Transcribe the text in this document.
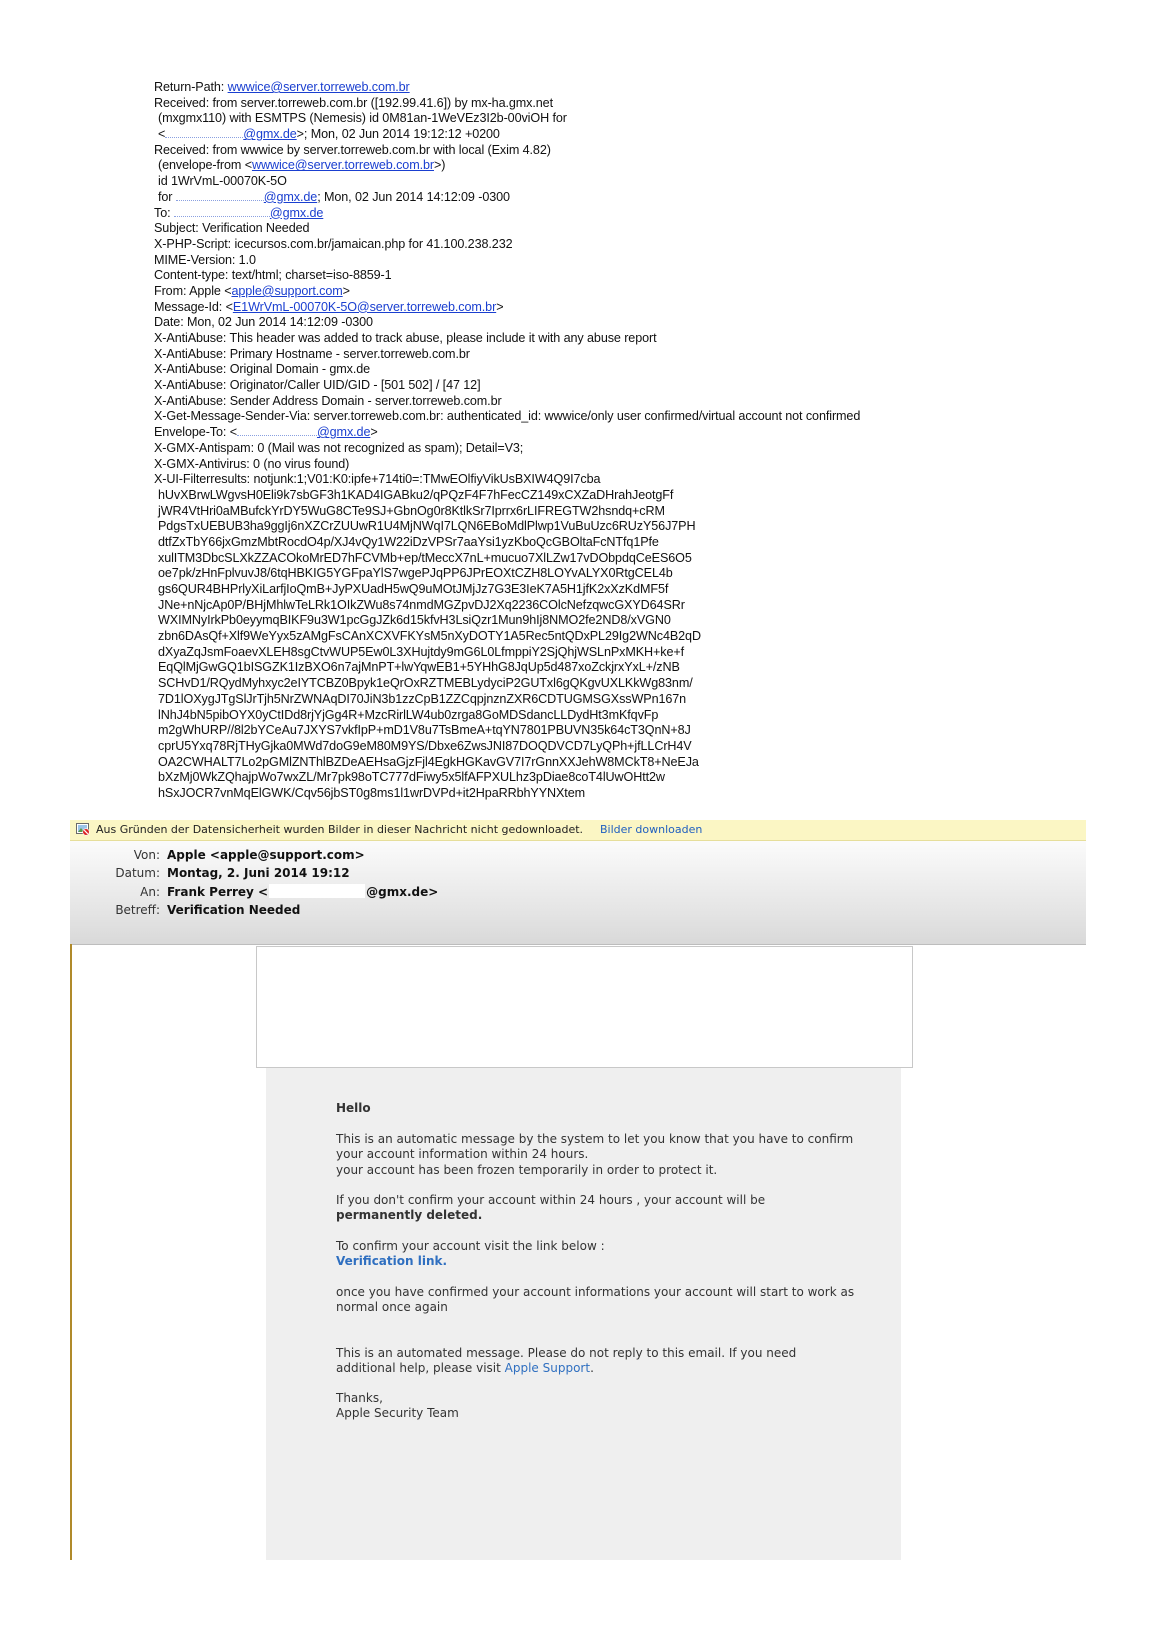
Return-Path: wwwice@server.torreweb.com.br
Received: from server.torreweb.com.br ([192.99.41.6]) by mx-ha.gmx.net
(mxgmx110) with ESMTPS (Nemesis) id 0M81an-1WeVEz3I2b-00viOH for
<	@gmx.de>; Mon, 02 Jun 2014 19:12:12 +0200
Received: from wwwice by server.torreweb.com.br with local (Exim 4.82)
(envelope-from <wwwice@server.torreweb.com.br>)
id 1WrVmL-00070K-5O
for	@gmx.de; Mon, 02 Jun 2014 14:12:09 -0300
To:	@gmx.de
Subject: Verification Needed
X-PHP-Script: icecursos.com.br/jamaican.php for 41.100.238.232
MIME-Version: 1.0
Content-type: text/html; charset=iso-8859-1
From: Apple <apple@support.com>
Message-Id: <E1WrVmL-00070K-5O@server.torreweb.com.br>
Date: Mon, 02 Jun 2014 14:12:09 -0300
X-AntiAbuse: This header was added to track abuse, please include it with any abuse report
X-AntiAbuse: Primary Hostname - server.torreweb.com.br
X-AntiAbuse: Original Domain - gmx.de
X-AntiAbuse: Originator/Caller UID/GID - [501 502] / [47 12]
X-AntiAbuse: Sender Address Domain - server.torreweb.com.br
X-Get-Message-Sender-Via: server.torreweb.com.br: authenticated_id: wwwice/only user confirmed/virtual account not confirmed
Envelope-To: <	@gmx.de>
X-GMX-Antispam: 0 (Mail was not recognized as spam); Detail=V3;
X-GMX-Antivirus: 0 (no virus found)
X-UI-Filterresults: notjunk:1;V01:K0:ipfe+714ti0=:TMwEOlfiyVikUsBXIW4Q9I7cba
hUvXBrwLWgvsH0Eli9k7sbGF3h1KAD4IGABku2/qPQzF4F7hFecCZ149xCXZaDHrahJeotgFf
jWR4VtHri0aMBufckYrDY5WuG8CTe9SJ+GbnOg0r8KtlkSr7Iprrx6rLIFREGTW2hsndq+cRM
PdgsTxUEBUB3ha9ggIj6nXZCrZUUwR1U4MjNWqI7LQN6EBoMdlPlwp1VuBuUzc6RUzY56J7PH
dtfZxTbY66jxGmzMbtRocdO4p/XJ4vQy1W22iDzVPSr7aaYsi1yzKboQcGBOltaFcNTfq1Pfe
xulITM3DbcSLXkZZACOkoMrED7hFCVMb+ep/tMeccX7nL+mucuo7XlLZw17vDObpdqCeES6O5
oe7pk/zHnFplvuvJ8/6tqHBKIG5YGFpaYlS7wgePJqPP6JPrEOXtCZH8LOYvALYX0RtgCEL4b
gs6QUR4BHPrlyXiLarfjIoQmB+JyPXUadH5wQ9uMOtJMjJz7G3E3IeK7A5H1jfK2xXzKdMF5f
JNe+nNjcAp0P/BHjMhlwTeLRk1OIkZWu8s74nmdMGZpvDJ2Xq2236COlcNefzqwcGXYD64SRr
WXIMNyIrkPb0eyymqBIKF9u3W1pcGgJZk6d15kfvH3LsiQzr1Mun9hIj8NMO2fe2ND8/xVGN0
zbn6DAsQf+Xlf9WeYyx5zAMgFsCAnXCXVFKYsM5nXyDOTY1A5Rec5ntQDxPL29Ig2WNc4B2qD
dXyaZqJsmFoaevXLEH8sgCtvWUP5Ew0L3XHujtdy9mG6L0LfmppiY2SjQhjWSLnPxMKH+ke+f
EqQlMjGwGQ1bISGZK1IzBXO6n7ajMnPT+lwYqwEB1+5YHhG8JqUp5d487xoZckjrxYxL+/zNB
SCHvD1/RQydMyhxyc2eIYTCBZ0Bpyk1eQrOxRZTMEBLydyciP2GUTxl6gQKgvUXLKkWg83nm/
7D1lOXygJTgSlJrTjh5NrZWNAqDI70JiN3b1zzCpB1ZZCqpjnznZXR6CDTUGMSGXssWPn167n
lNhJ4bN5pibOYX0yCtIDd8rjYjGg4R+MzcRirlLW4ub0zrga8GoMDSdancLLDydHt3mKfqvFp
m2gWhURP//8l2bYCeAu7JXYS7vkfIpP+mD1V8u7TsBmeA+tqYN7801PBUVN35k64cT3QnN+8J
cprU5Yxq78RjTHyGjka0MWd7doG9eM80M9YS/Dbxe6ZwsJNI87DOQDVCD7LyQPh+jfLLCrH4V
OA2CWHALT7Lo2pGMlZNThlBZDeAEHsaGjzFjl4EgkHGKavGV7I7rGnnXXJehW8MCkT8+NeEJa
bXzMj0WkZQhajpWo7wxZL/Mr7pk98oTC777dFiwy5x5lfAFPXULhz3pDiae8coT4lUwOHtt2w
hSxJOCR7vnMqElGWK/Cqv56jbST0g8ms1l1wrDVPd+it2HpaRRbhYYNXtem
Aus Gründen der Datensicherheit wurden Bilder in dieser Nachricht nicht gedownloadet. Bilder downloaden
Von: Apple <apple@support.com>
Datum: Montag, 2. Juni 2014 19:12
An: Frank Perrey <	@gmx.de>
Betreff: Verification Needed

Hello

This is an automatic message by the system to let you know that you have to confirm your account information within 24 hours.
your account has been frozen temporarily in order to protect it.

If you don't confirm your account within 24 hours , your account will be
permanently deleted.

To confirm your account visit the link below :
Verification link.

once you have confirmed your account informations your account will start to work as normal once again

This is an automated message. Please do not reply to this email. If you need additional help, please visit Apple Support.

Thanks,
Apple Security Team
